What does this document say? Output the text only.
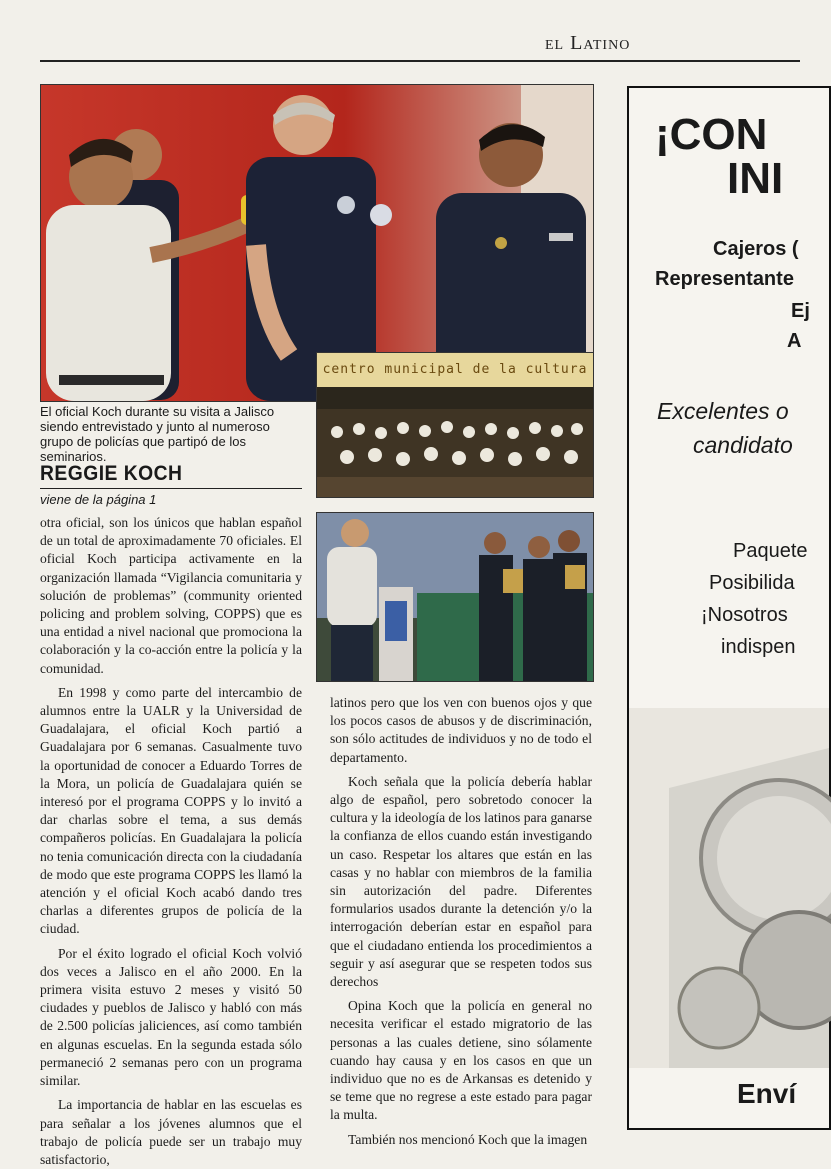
el Latino
centro municipal de la cultura
El oficial Koch durante su visita a Jalisco siendo entrevistado y junto al numeroso grupo de policías que partipó de los seminarios.
REGGIE KOCH
viene de la página 1

otra oficial, son los únicos que hablan español de un total de aproximadamente 70 oficiales. El oficial Koch participa activamente en la organización llamada “Vigilancia comunitaria y solución de problemas” (community oriented policing and problem solving, COPPS) que es una entidad a nivel nacional que promociona la colaboración y la co-acción entre la policía y la comunidad.

En 1998 y como parte del intercambio de alumnos entre la UALR y la Universidad de Guadalajara, el oficial Koch partió a Guadalajara por 6 semanas. Casualmente tuvo la oportunidad de conocer a Eduardo Torres de la Mora, un policía de Guadalajara quién se interesó por el programa COPPS y lo invitó a dar charlas sobre el tema, a sus demás compañeros policías. En Guadalajara la policía no tenia comunicación directa con la ciudadanía de modo que este programa COPPS les llamó la atención y el oficial Koch acabó dando tres charlas a diferentes grupos de policía de la ciudad.

Por el éxito logrado el oficial Koch volvió dos veces a Jalisco en el año 2000. En la primera visita estuvo 2 meses y visitó 50 ciudades y pueblos de Jalisco y habló con más de 2.500 policías jaliciences, así como también en algunas escuelas. En la segunda estada sólo permaneció 2 semanas pero con un programa similar.

La importancia de hablar en las escuelas es para señalar a los jóvenes alumnos que el trabajo de policía puede ser un trabajo muy satisfactorio,

latinos pero que los ven con buenos ojos y que los pocos casos de abusos y de discriminación, son sólo actitudes de individuos y no de todo el departamento.

Koch señala que la policía debería hablar algo de español, pero sobretodo conocer la cultura y la ideología de los latinos para ganarse la confianza de ellos cuando están investigando un caso. Respetar los altares que están en las casas y no hablar con miembros de la familia sin autorización del padre. Diferentes formularios usados durante la detención y/o la interrogación deberían estar en español para que el ciudadano entienda los procedimientos a seguir y así asegurar que se respeten todos sus derechos

Opina Koch que la policía en general no necesita verificar el estado migratorio de las personas a las cuales detiene, sino sólamente cuando hay causa y en los casos en que un individuo que no es de Arkansas es detenido y se teme que no regrese a este estado para pagar la multa.

También nos mencionó Koch que la imagen

¡CON
INI
Cajeros (
Representante
Ej
A
Excelentes o
candidato
Paquete
Posibilida
¡Nosotros
indispen
Enví
